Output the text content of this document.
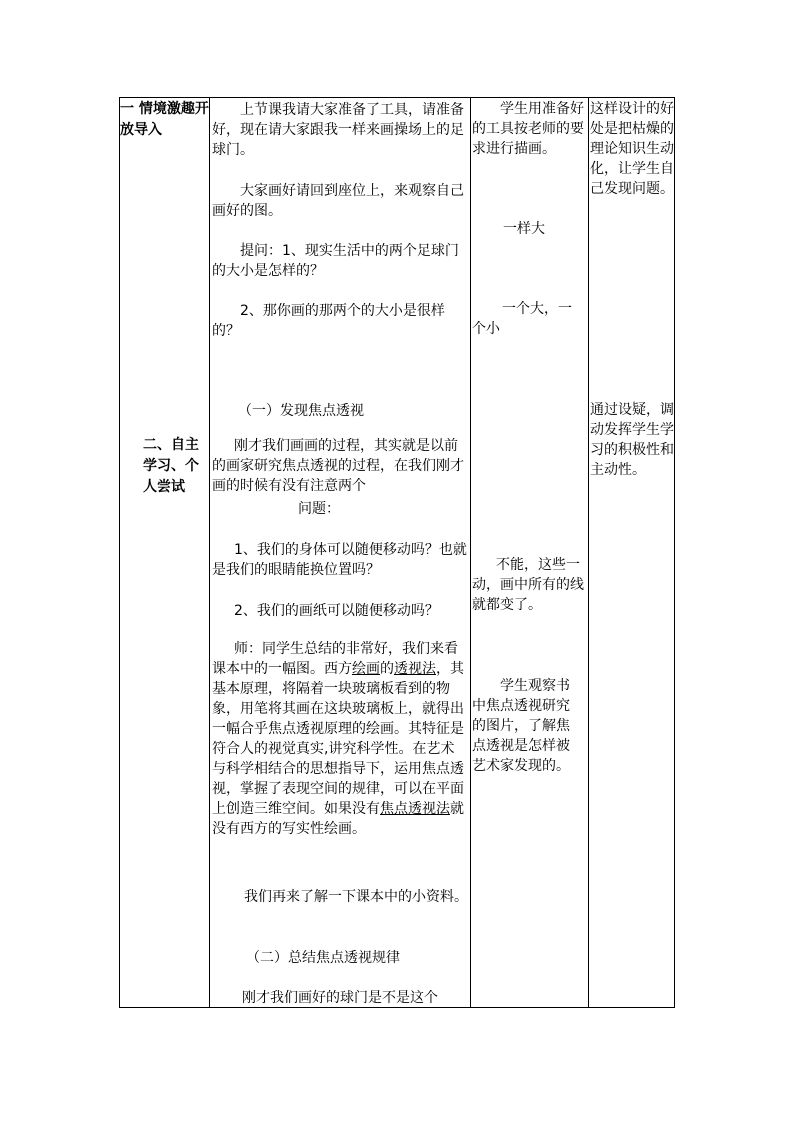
一 情境激趣开放导入
二、自主学习、个人尝试
上节课我请大家准备了工具，请准备好，现在请大家跟我一样来画操场上的足球门。
大家画好请回到座位上，来观察自己画好的图。
提问：1、现实生活中的两个足球门的大小是怎样的？
2、那你画的那两个的大小是很样的？
（一）发现焦点透视
刚才我们画画的过程，其实就是以前的画家研究焦点透视的过程，在我们刚才画的时候有没有注意两个
问题：
1、我们的身体可以随便移动吗？也就是我们的眼睛能换位置吗？
2、我们的画纸可以随便移动吗？
师：同学生总结的非常好，我们来看课本中的一幅图。西方绘画的透视法，其基本原理，将隔着一块玻璃板看到的物象，用笔将其画在这块玻璃板上，就得出一幅合乎焦点透视原理的绘画。其特征是符合人的视觉真实,讲究科学性。在艺术与科学相结合的思想指导下，运用焦点透视，掌握了表现空间的规律，可以在平面上创造三维空间。如果没有焦点透视法就没有西方的写实性绘画。
我们再来了解一下课本中的小资料。
（二）总结焦点透视规律
刚才我们画好的球门是不是这个
学生用准备好的工具按老师的要求进行描画。
一样大
一个大，一个小
不能，这些一动，画中所有的线就都变了。
学生观察书中焦点透视研究的图片，了解焦点透视是怎样被艺术家发现的。
这样设计的好处是把枯燥的理论知识生动化，让学生自己发现问题。
通过设疑，调动发挥学生学习的积极性和主动性。
